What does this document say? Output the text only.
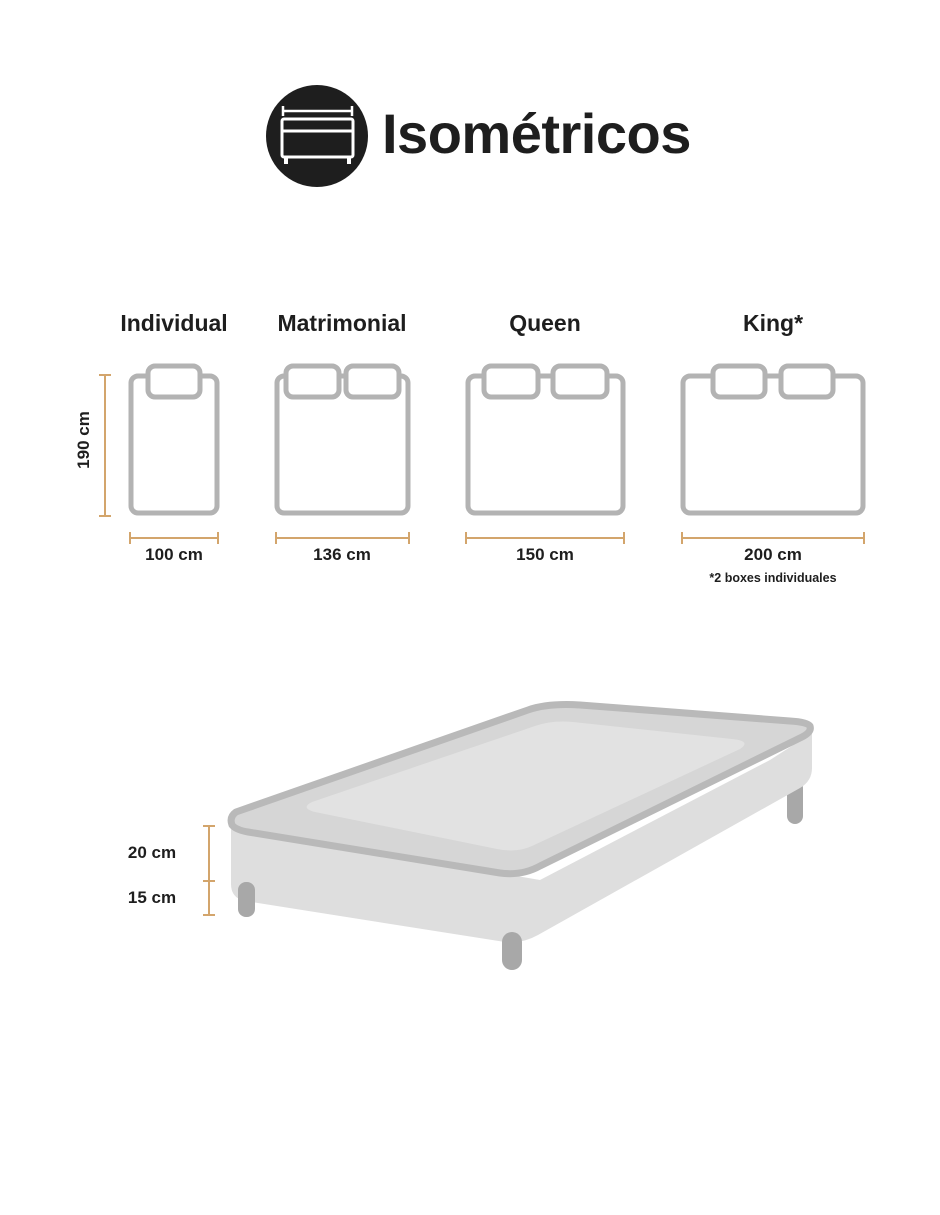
Isométricos
190 cm
Individual	Matrimonial	Queen	King*
100 cm	136 cm	150 cm	200 cm
*2 boxes individuales
20 cm
15 cm
